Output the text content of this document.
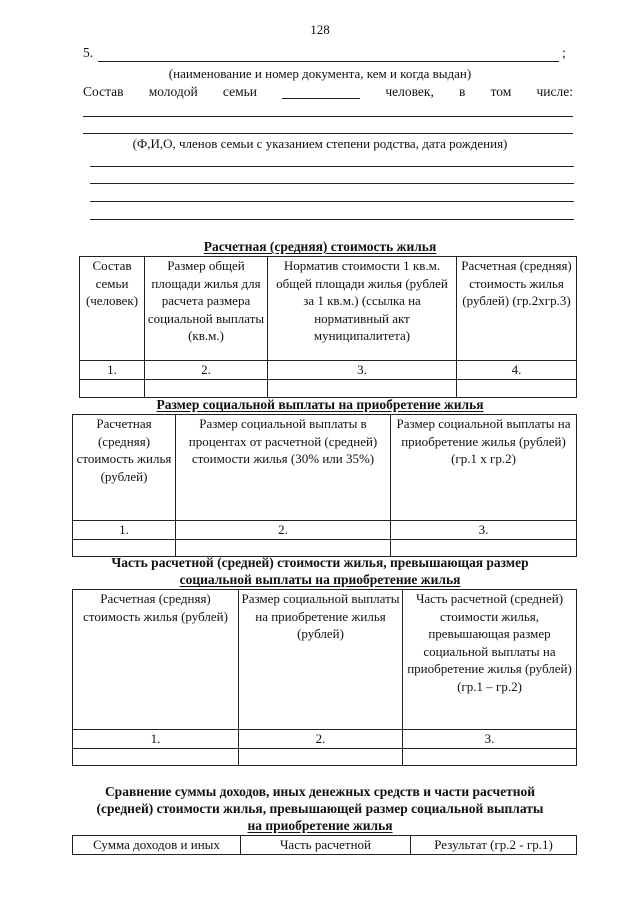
128
5.	;
(наименование и номер документа, кем и когда выдан)
Состав молодой семьи	человек, в том числе:
(Ф,И,О, членов семьи с указанием степени родства, дата рождения)
Расчетная (средняя) стоимость жилья
Состав семьи (человек)	Размер общей площади жилья для расчета размера социальной выплаты (кв.м.)	Норматив стоимости 1 кв.м. общей площади жилья (рублей за 1 кв.м.) (ссылка на нормативный акт муниципалитета)	Расчетная (средняя) стоимость жилья (рублей) (гр.2хгр.3)
1.	2.	3.	4.

Размер социальной выплаты на приобретение жилья
Расчетная (средняя) стоимость жилья (рублей)	Размер социальной выплаты в процентах от расчетной (средней) стоимости жилья (30% или 35%)	Размер социальной выплаты на приобретение жилья (рублей) (гр.1 х гр.2)
1.	2.	3.

Часть расчетной (средней) стоимости жилья, превышающая размер
социальной выплаты на приобретение жилья
Расчетная (средняя) стоимость жилья (рублей)	Размер социальной выплаты на приобретение жилья (рублей)	Часть расчетной (средней) стоимости жилья, превышающая размер социальной выплаты на приобретение жилья (рублей) (гр.1 – гр.2)
1.	2.	3.

Сравнение суммы доходов, иных денежных средств и части расчетной
(средней) стоимости жилья, превышающей размер социальной выплаты
на приобретение жилья
Сумма доходов и иных	Часть расчетной	Результат (гр.2 - гр.1)
